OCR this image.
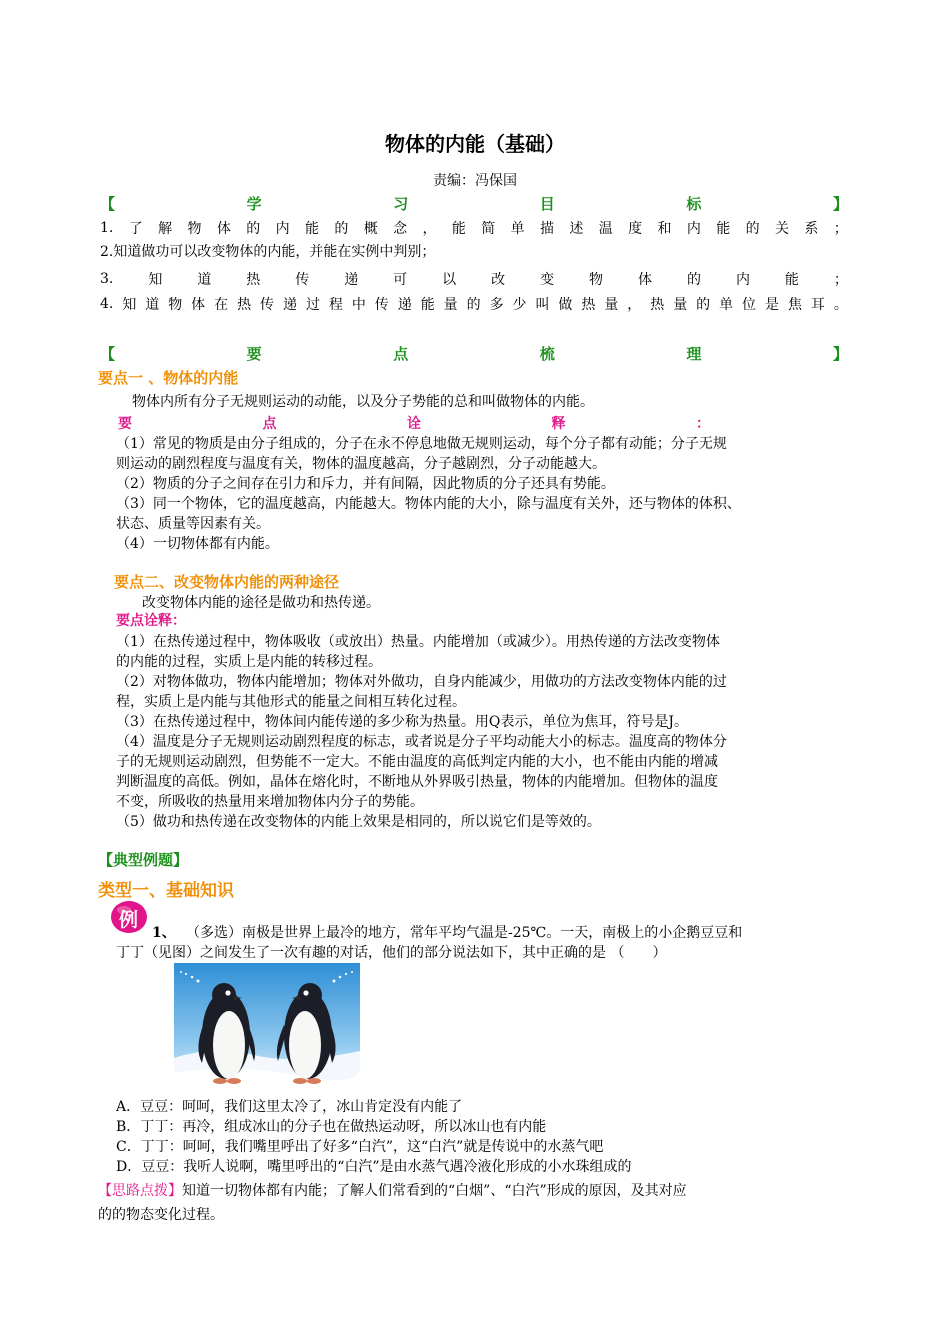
物体的内能（基础）
责编：冯保国
【	学	习	目	标	】
1. 了 解 物 体 的 内 能 的 概 念 ， 能 简 单 描 述 温 度 和 内 能 的 关 系 ；
2.知道做功可以改变物体的内能，并能在实例中判别；
3. 知 道 热 传 递 可 以 改 变 物 体 的 内 能 ；
4. 知 道 物 体 在 热 传 递 过 程 中 传 递 能 量 的 多 少 叫 做 热 量 ， 热 量 的 单 位 是 焦 耳 。
【	要	点	梳	理	】
要点一 、物体的内能
物体内所有分子无规则运动的动能，以及分子势能的总和叫做物体的内能。
要	点	诠	释	：
（1）常见的物质是由分子组成的，分子在永不停息地做无规则运动，每个分子都有动能；分子无规
则运动的剧烈程度与温度有关，物体的温度越高，分子越剧烈，分子动能越大。
（2）物质的分子之间存在引力和斥力，并有间隔，因此物质的分子还具有势能。
（3）同一个物体，它的温度越高，内能越大。物体内能的大小，除与温度有关外，还与物体的体积、
状态、质量等因素有关。
（4）一切物体都有内能。
要点二、改变物体内能的两种途径
改变物体内能的途径是做功和热传递。
要点诠释：
（1）在热传递过程中，物体吸收（或放出）热量。内能增加（或减少）。用热传递的方法改变物体
的内能的过程，实质上是内能的转移过程。
（2）对物体做功，物体内能增加；物体对外做功，自身内能减少，用做功的方法改变物体内能的过
程，实质上是内能与其他形式的能量之间相互转化过程。
（3）在热传递过程中，物体间内能传递的多少称为热量。用Q表示，单位为焦耳，符号是J。
（4）温度是分子无规则运动剧烈程度的标志，或者说是分子平均动能大小的标志。温度高的物体分
子的无规则运动剧烈，但势能不一定大。不能由温度的高低判定内能的大小，也不能由内能的增减
判断温度的高低。例如，晶体在熔化时，不断地从外界吸引热量，物体的内能增加。但物体的温度
不变，所吸收的热量用来增加物体内分子的势能。
（5）做功和热传递在改变物体的内能上效果是相同的，所以说它们是等效的。
【典型例题】
类型一、基础知识
例
1、 （多选）南极是世界上最冷的地方，常年平均气温是-25℃。一天，南极上的小企鹅豆豆和
丁丁（见图）之间发生了一次有趣的对话，他们的部分说法如下，其中正确的是 （　　）
A．豆豆：呵呵，我们这里太冷了，冰山肯定没有内能了
B．丁丁：再冷，组成冰山的分子也在做热运动呀，所以冰山也有内能
C．丁丁：呵呵，我们嘴里呼出了好多“白汽”，这“白汽”就是传说中的水蒸气吧
D．豆豆：我听人说啊，嘴里呼出的“白汽”是由水蒸气遇冷液化形成的小水珠组成的
【思路点拨】知道一切物体都有内能；了解人们常看到的“白烟”、“白汽”形成的原因，及其对应
的的物态变化过程。
